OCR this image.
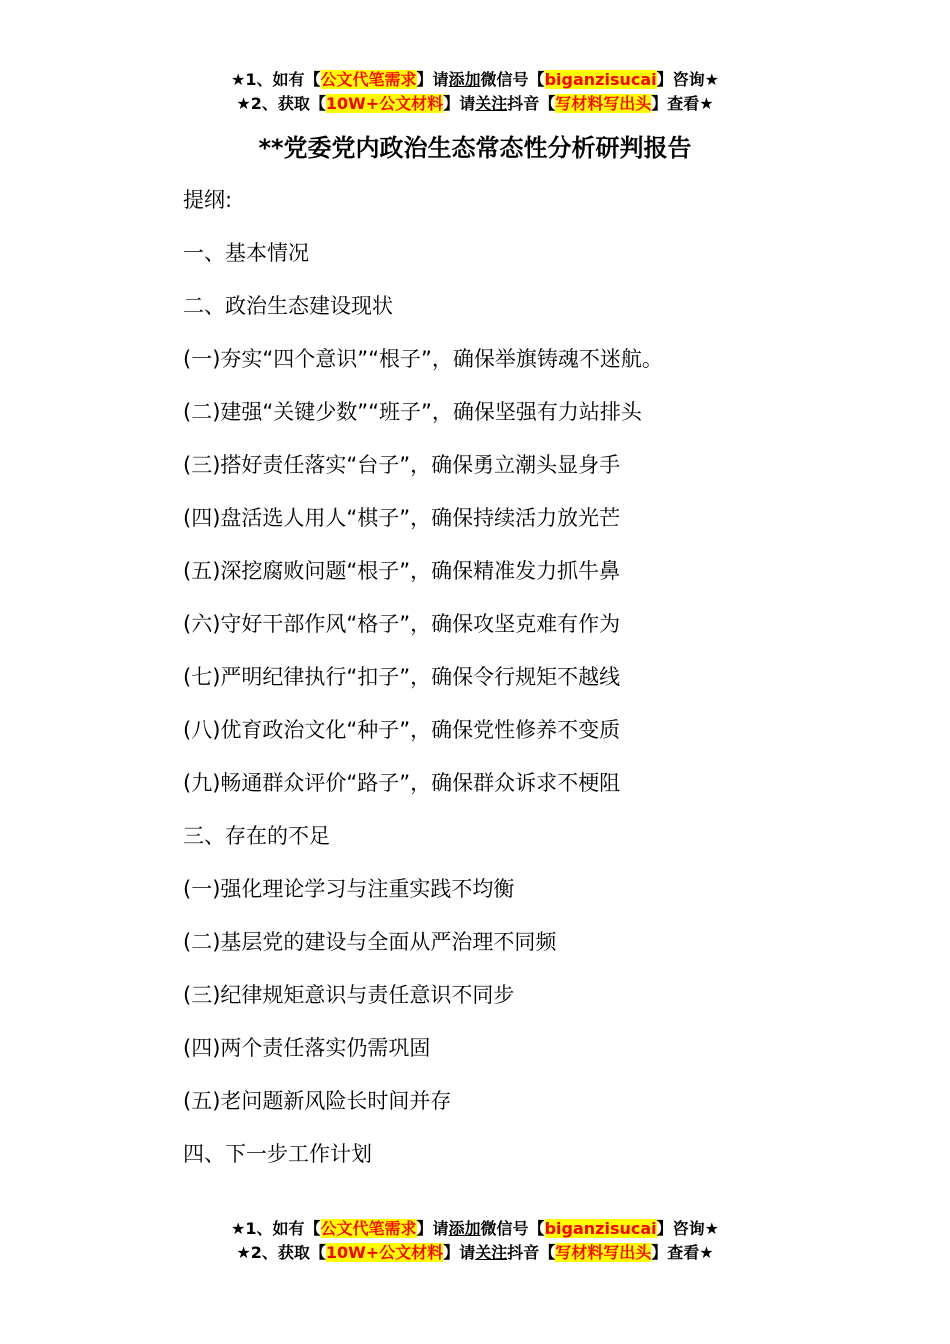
★1、如有【公文代笔需求】请添加微信号【biganzisucai】咨询★
★2、获取【10W+公文材料】请关注抖音【写材料写出头】查看★
**党委党内政治生态常态性分析研判报告
提纲:
一、基本情况
二、政治生态建设现状
(一)夯实“四个意识”“根子”，确保举旗铸魂不迷航。
(二)建强“关键少数”“班子”，确保坚强有力站排头
(三)搭好责任落实“台子”，确保勇立潮头显身手
(四)盘活选人用人“棋子”，确保持续活力放光芒
(五)深挖腐败问题“根子”，确保精准发力抓牛鼻
(六)守好干部作风“格子”，确保攻坚克难有作为
(七)严明纪律执行“扣子”，确保令行规矩不越线
(八)优育政治文化“种子”，确保党性修养不变质
(九)畅通群众评价“路子”，确保群众诉求不梗阻
三、存在的不足
(一)强化理论学习与注重实践不均衡
(二)基层党的建设与全面从严治理不同频
(三)纪律规矩意识与责任意识不同步
(四)两个责任落实仍需巩固
(五)老问题新风险长时间并存
四、下一步工作计划
★1、如有【公文代笔需求】请添加微信号【biganzisucai】咨询★
★2、获取【10W+公文材料】请关注抖音【写材料写出头】查看★
